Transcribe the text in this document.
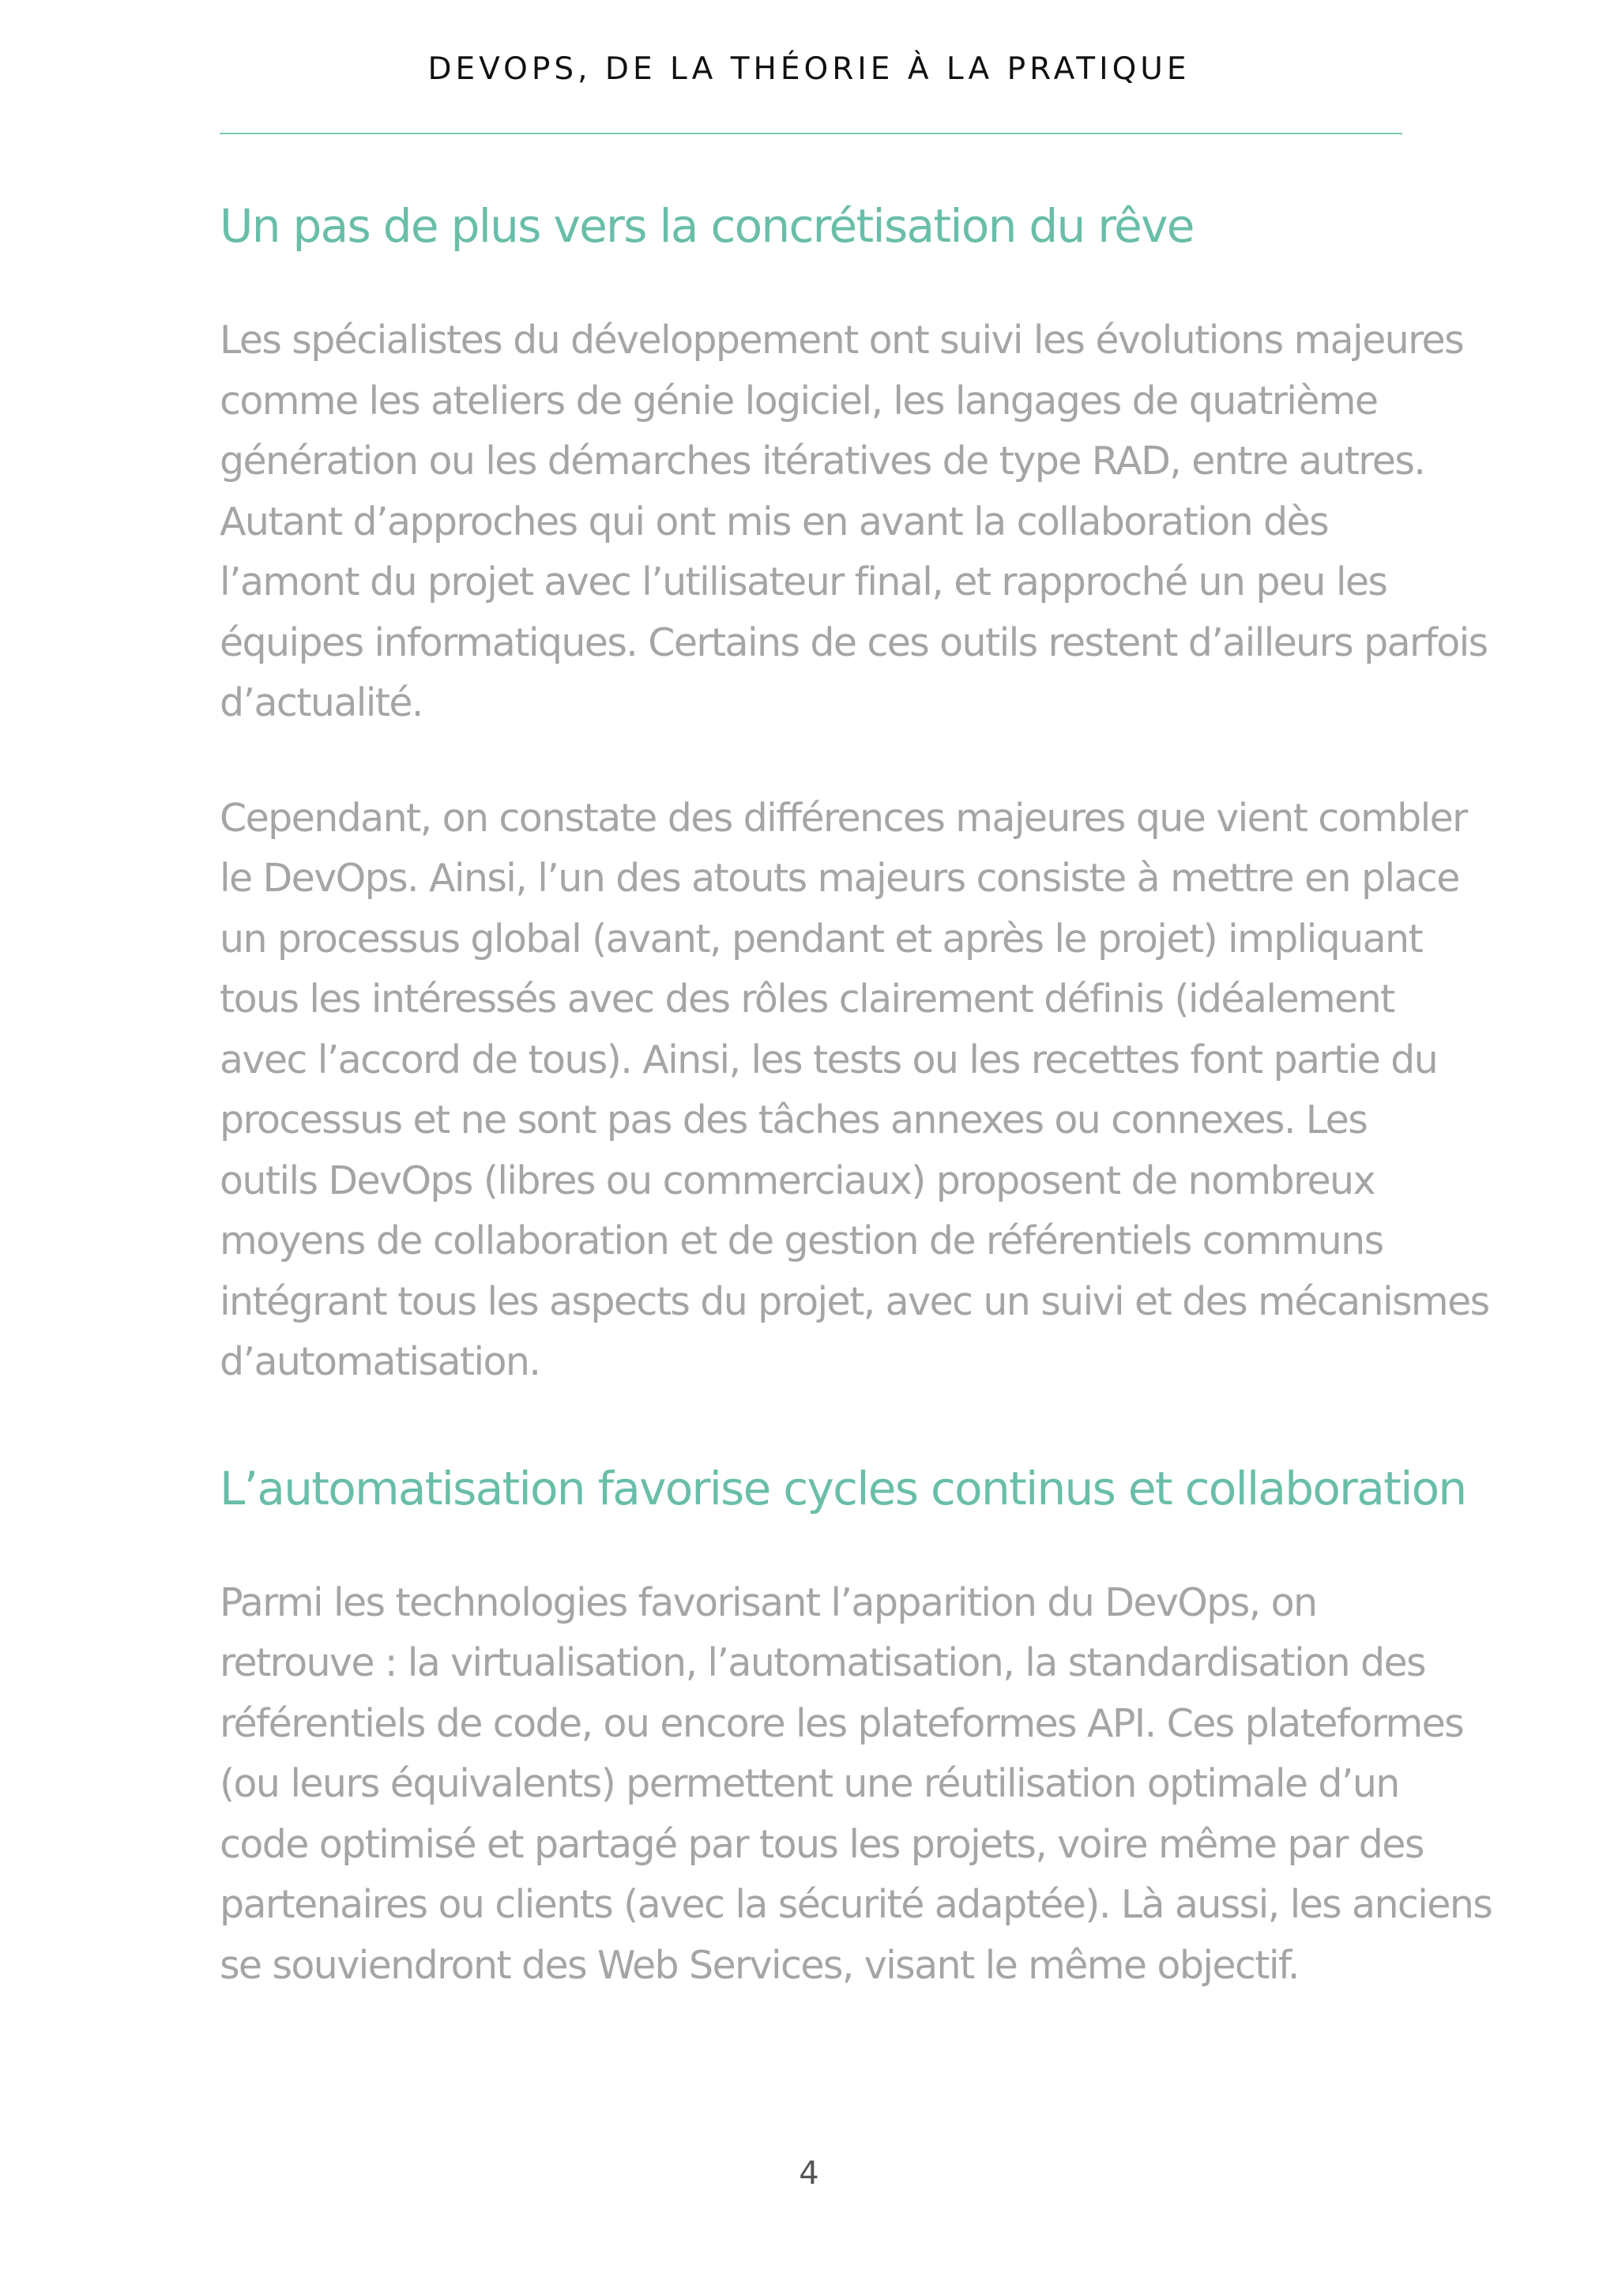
DEVOPS, DE LA THÉORIE À LA PRATIQUE
Un pas de plus vers la concrétisation du rêve

Les spécialistes du développement ont suivi les évolutions majeures
comme les ateliers de génie logiciel, les langages de quatrième
génération ou les démarches itératives de type RAD, entre autres.
Autant d’approches qui ont mis en avant la collaboration dès
l’amont du projet avec l’utilisateur final, et rapproché un peu les
équipes informatiques. Certains de ces outils restent d’ailleurs parfois
d’actualité.

Cependant, on constate des différences majeures que vient combler
le DevOps. Ainsi, l’un des atouts majeurs consiste à mettre en place
un processus global (avant, pendant et après le projet) impliquant
tous les intéressés avec des rôles clairement définis (idéalement
avec l’accord de tous). Ainsi, les tests ou les recettes font partie du
processus et ne sont pas des tâches annexes ou connexes. Les
outils DevOps (libres ou commerciaux) proposent de nombreux
moyens de collaboration et de gestion de référentiels communs
intégrant tous les aspects du projet, avec un suivi et des mécanismes
d’automatisation.

L’automatisation favorise cycles continus et collaboration

Parmi les technologies favorisant l’apparition du DevOps, on
retrouve : la virtualisation, l’automatisation, la standardisation des
référentiels de code, ou encore les plateformes API. Ces plateformes
(ou leurs équivalents) permettent une réutilisation optimale d’un
code optimisé et partagé par tous les projets, voire même par des
partenaires ou clients (avec la sécurité adaptée). Là aussi, les anciens
se souviendront des Web Services, visant le même objectif.

4
